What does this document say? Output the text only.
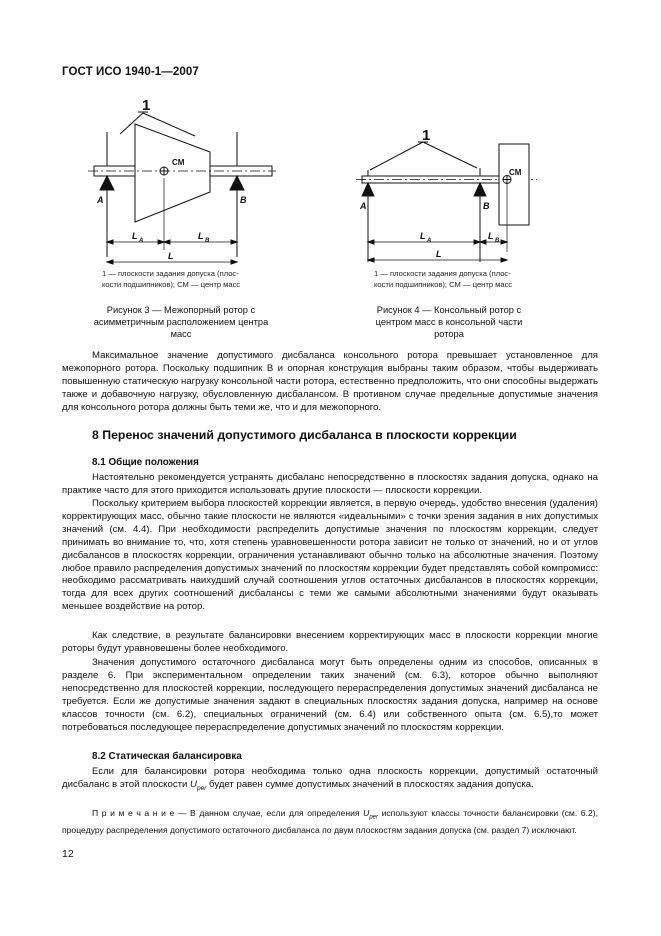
ГОСТ ИСО 1940-1—2007
1
CM
A	B
L A	L B
L
1 — плоскости задания допуска (плос-
кости подшипников); СМ — центр масс
Рисунок 3 — Межопорный ротор с асимметричным расположением центра масс
1
CM
A	B
L A	L B
L
1 — плоскости задания допуска (плос-
кости подшипников); СМ — центр масс
Рисунок 4 — Консольный ротор с центром масс в консольной части ротора
Максимальное значение допустимого дисбаланса консольного ротора превышает установленное для межопорного ротора. Поскольку подшипник В и опорная конструкция выбраны таким образом, чтобы выдерживать повышенную статическую нагрузку консольной части ротора, естественно предположить, что они способны выдержать также и добавочную нагрузку, обусловленную дисбалансом. В противном случае предельные допустимые значения для консольного ротора должны быть теми же, что и для межопорного.
8 Перенос значений допустимого дисбаланса в плоскости коррекции
8.1 Общие положения
Настоятельно рекомендуется устранять дисбаланс непосредственно в плоскостях задания допуска, однако на практике часто для этого приходится использовать другие плоскости — плоскости коррекции.
Поскольку критерием выбора плоскостей коррекции является, в первую очередь, удобство внесения (удаления) корректирующих масс, обычно такие плоскости не являются «идеальными» с точки зрения задания в них допустимых значений (см. 4.4). При необходимости распределить допустимые значения по плоскостям коррекции, следует принимать во внимание то, что, хотя степень уравновешенности ротора зависит не только от значений, но и от углов дисбалансов в плоскостях коррекции, ограничения устанавливают обычно только на абсолютные значения. Поэтому любое правило распределения допустимых значений по плоскостям коррекции будет представлять собой компромисс: необходимо рассматривать наихудший случай соотношения углов остаточных дисбалансов в плоскостях коррекции, тогда для всех других соотношений дисбалансы с теми же самыми абсолютными значениями будут оказывать меньшее воздействие на ротор.
Как следствие, в результате балансировки внесением корректирующих масс в плоскости коррекции многие роторы будут уравновешены более необходимого.
Значения допустимого остаточного дисбаланса могут быть определены одним из способов, описанных в разделе 6. При экспериментальном определении таких значений (см. 6.3), которое обычно выполняют непосредственно для плоскостей коррекции, последующего перераспределения допустимых значений дисбаланса не требуется. Если же допустимые значения задают в специальных плоскостях задания допуска, например на основе классов точности (см. 6.2), специальных ограничений (см. 6.4) или собственного опыта (см. 6.5),то может потребоваться последующее перераспределение допустимых значений по плоскостям коррекции.
8.2 Статическая балансировка
Если для балансировки ротора необходима только одна плоскость коррекции, допустимый остаточный дисбаланс в этой плоскости $U_{per}$ будет равен сумме допустимых значений в плоскостях задания допуска.
П р и м е ч а н и е — В данном случае, если для определения $U_{per}$ используют классы точности балансировки (см. 6.2), процедуру распределения допустимого остаточного дисбаланса по двум плоскостям задания допуска (см. раздел 7) исключают.
12
